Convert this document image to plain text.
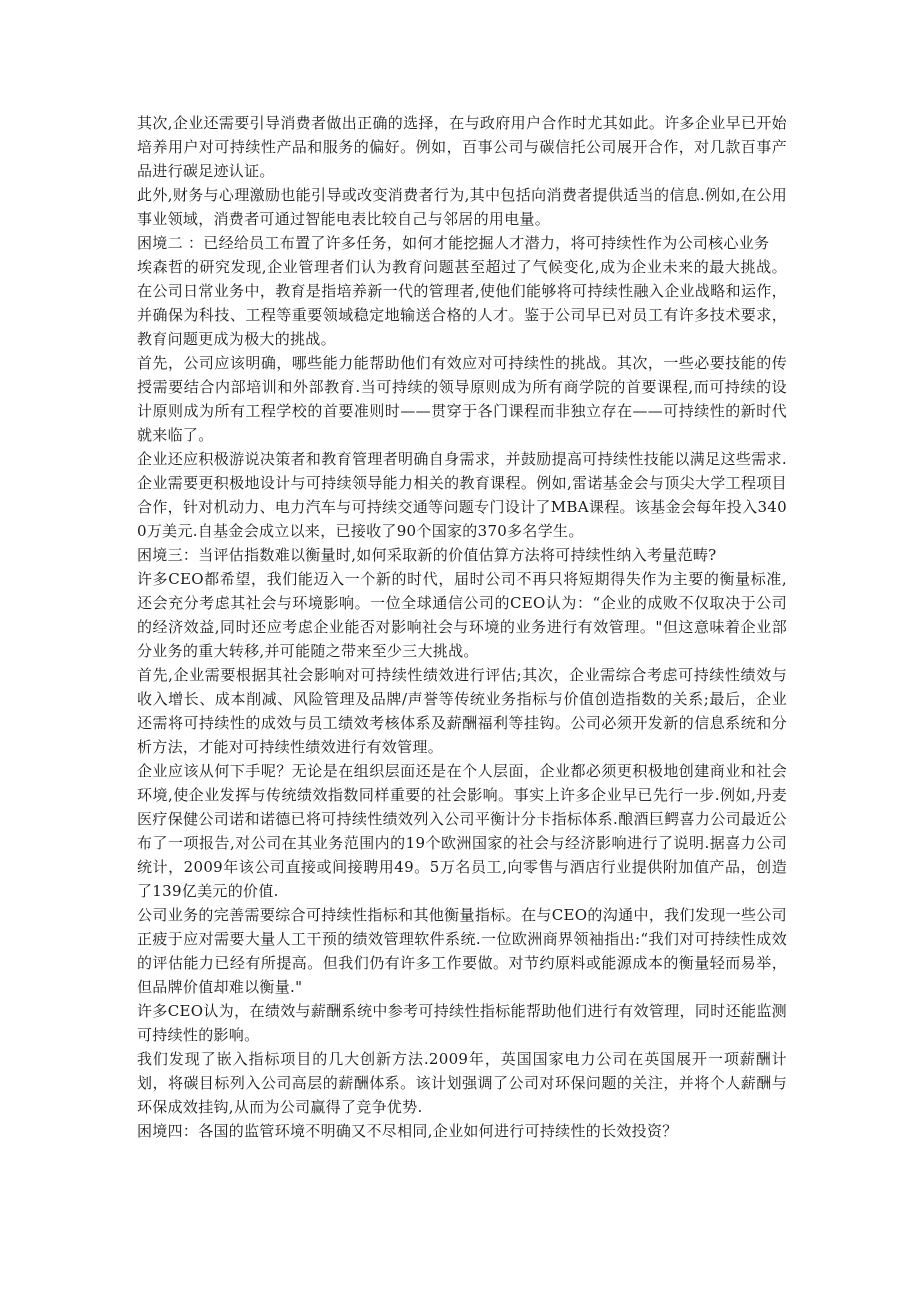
其次,企业还需要引导消费者做出正确的选择，在与政府用户合作时尤其如此。许多企业早已开始培养用户对可持续性产品和服务的偏好。例如，百事公司与碳信托公司展开合作，对几款百事产品进行碳足迹认证。

此外,财务与心理激励也能引导或改变消费者行为,其中包括向消费者提供适当的信息.例如,在公用事业领域，消费者可通过智能电表比较自己与邻居的用电量。

困境二 ：已经给员工布置了许多任务，如何才能挖掘人才潜力，将可持续性作为公司核心业务

埃森哲的研究发现,企业管理者们认为教育问题甚至超过了气候变化,成为企业未来的最大挑战。在公司日常业务中，教育是指培养新一代的管理者,使他们能够将可持续性融入企业战略和运作，并确保为科技、工程等重要领域稳定地输送合格的人才。鉴于公司早已对员工有许多技术要求，教育问题更成为极大的挑战。

首先，公司应该明确，哪些能力能帮助他们有效应对可持续性的挑战。其次，一些必要技能的传授需要结合内部培训和外部教育.当可持续的领导原则成为所有商学院的首要课程,而可持续的设计原则成为所有工程学校的首要准则时——贯穿于各门课程而非独立存在——可持续性的新时代就来临了。

企业还应积极游说决策者和教育管理者明确自身需求，并鼓励提高可持续性技能以满足这些需求.企业需要更积极地设计与可持续领导能力相关的教育课程。例如,雷诺基金会与顶尖大学工程项目合作，针对机动力、电力汽车与可持续交通等问题专门设计了MBA课程。该基金会每年投入3400万美元.自基金会成立以来，已接收了90个国家的370多名学生。

困境三：当评估指数难以衡量时,如何采取新的价值估算方法将可持续性纳入考量范畴?

许多CEO都希望，我们能迈入一个新的时代，届时公司不再只将短期得失作为主要的衡量标准,还会充分考虑其社会与环境影响。一位全球通信公司的CEO认为：“企业的成败不仅取决于公司的经济效益,同时还应考虑企业能否对影响社会与环境的业务进行有效管理。"但这意味着企业部分业务的重大转移,并可能随之带来至少三大挑战。

首先,企业需要根据其社会影响对可持续性绩效进行评估;其次，企业需综合考虑可持续性绩效与收入增长、成本削减、风险管理及品牌/声誉等传统业务指标与价值创造指数的关系;最后，企业还需将可持续性的成效与员工绩效考核体系及薪酬福利等挂钩。公司必须开发新的信息系统和分析方法，才能对可持续性绩效进行有效管理。

企业应该从何下手呢？无论是在组织层面还是在个人层面，企业都必须更积极地创建商业和社会环境,使企业发挥与传统绩效指数同样重要的社会影响。事实上许多企业早已先行一步.例如,丹麦医疗保健公司诺和诺德已将可持续性绩效列入公司平衡计分卡指标体系.酿酒巨鳄喜力公司最近公布了一项报告,对公司在其业务范围内的19个欧洲国家的社会与经济影响进行了说明.据喜力公司统计，2009年该公司直接或间接聘用49。5万名员工,向零售与酒店行业提供附加值产品，创造了139亿美元的价值.

公司业务的完善需要综合可持续性指标和其他衡量指标。在与CEO的沟通中，我们发现一些公司正疲于应对需要大量人工干预的绩效管理软件系统.一位欧洲商界领袖指出:“我们对可持续性成效的评估能力已经有所提高。但我们仍有许多工作要做。对节约原料或能源成本的衡量轻而易举，但品牌价值却难以衡量."

许多CEO认为，在绩效与薪酬系统中参考可持续性指标能帮助他们进行有效管理，同时还能监测可持续性的影响。

我们发现了嵌入指标项目的几大创新方法.2009年，英国国家电力公司在英国展开一项薪酬计划，将碳目标列入公司高层的薪酬体系。该计划强调了公司对环保问题的关注，并将个人薪酬与环保成效挂钩,从而为公司赢得了竞争优势.

困境四：各国的监管环境不明确又不尽相同,企业如何进行可持续性的长效投资？
